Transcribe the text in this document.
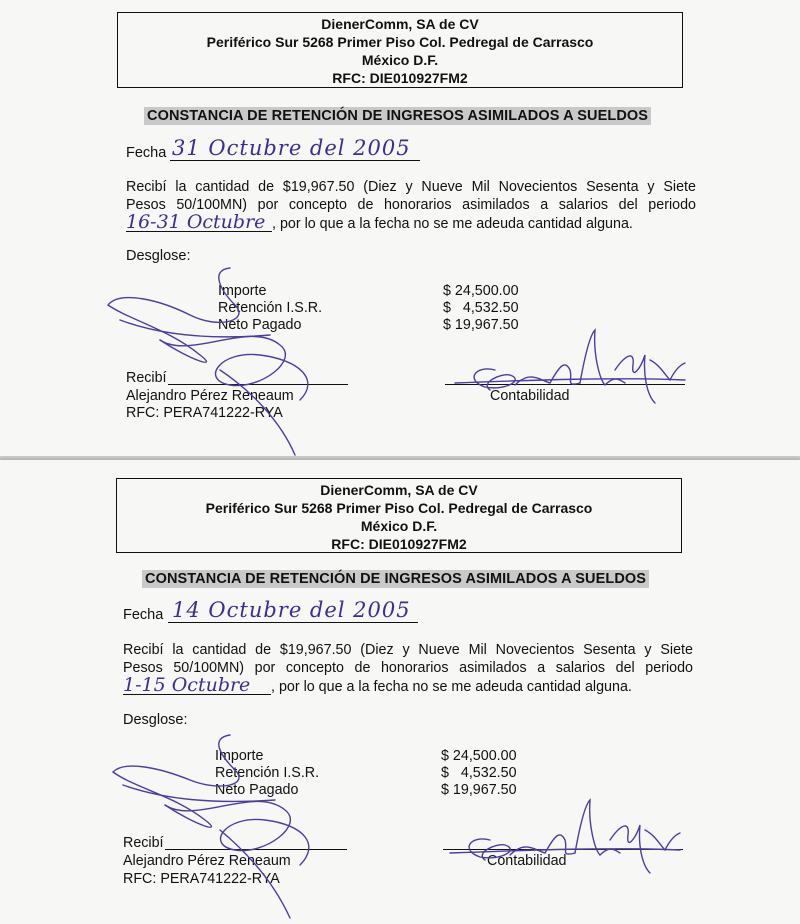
DienerComm, SA de CV
Periférico Sur 5268 Primer Piso Col. Pedregal de Carrasco
México D.F.
RFC: DIE010927FM2
CONSTANCIA DE RETENCIÓN DE INGRESOS ASIMILADOS A SUELDOS
Fecha 31 Octubre del 2005
Recibí la cantidad de $19,967.50 (Diez y Nueve Mil Novecientos Sesenta y Siete
Pesos 50/100MN) por concepto de honorarios asimilados a salarios del periodo
16-31 Octubre , por lo que a la fecha no se me adeuda cantidad alguna.
Desglose:
Importe
Retención I.S.R.
Neto Pagado
$ 24,500.00
$   4,532.50
$ 19,967.50
Recibí
Alejandro Pérez Reneaum
RFC: PERA741222-RYA
Contabilidad
DienerComm, SA de CV
Periférico Sur 5268 Primer Piso Col. Pedregal de Carrasco
México D.F.
RFC: DIE010927FM2
CONSTANCIA DE RETENCIÓN DE INGRESOS ASIMILADOS A SUELDOS
Fecha 14 Octubre del 2005
Recibí la cantidad de $19,967.50 (Diez y Nueve Mil Novecientos Sesenta y Siete
Pesos 50/100MN) por concepto de honorarios asimilados a salarios del periodo
1-15 Octubre , por lo que a la fecha no se me adeuda cantidad alguna.
Desglose:
Importe
Retención I.S.R.
Neto Pagado
$ 24,500.00
$   4,532.50
$ 19,967.50
Recibí
Alejandro Pérez Reneaum
RFC: PERA741222-RYA
Contabilidad
